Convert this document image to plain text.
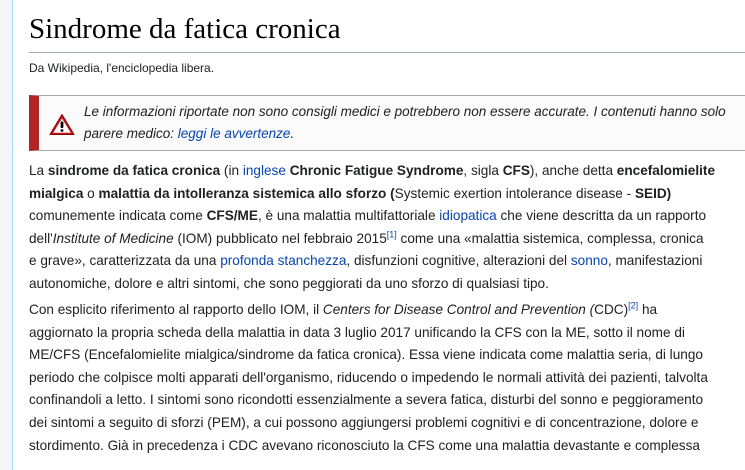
Sindrome da fatica cronica
Da Wikipedia, l'enciclopedia libera.
Le informazioni riportate non sono consigli medici e potrebbero non essere accurate. I contenuti hanno solo
parere medico: leggi le avvertenze.
La sindrome da fatica cronica (in inglese Chronic Fatigue Syndrome, sigla CFS), anche detta encefalomielite
mialgica o malattia da intolleranza sistemica allo sforzo (Systemic exertion intolerance disease - SEID)
comunemente indicata come CFS/ME, è una malattia multifattoriale idiopatica che viene descritta da un rapporto
dell'Institute of Medicine (IOM) pubblicato nel febbraio 2015[1] come una «malattia sistemica, complessa, cronica
e grave», caratterizzata da una profonda stanchezza, disfunzioni cognitive, alterazioni del sonno, manifestazioni
autonomiche, dolore e altri sintomi, che sono peggiorati da uno sforzo di qualsiasi tipo.
Con esplicito riferimento al rapporto dello IOM, il Centers for Disease Control and Prevention (CDC)[2] ha
aggiornato la propria scheda della malattia in data 3 luglio 2017 unificando la CFS con la ME, sotto il nome di
ME/CFS (Encefalomielite mialgica/sindrome da fatica cronica). Essa viene indicata come malattia seria, di lungo
periodo che colpisce molti apparati dell'organismo, riducendo o impedendo le normali attività dei pazienti, talvolta
confinandoli a letto. I sintomi sono ricondotti essenzialmente a severa fatica, disturbi del sonno e peggioramento
dei sintomi a seguito di sforzi (PEM), a cui possono aggiungersi problemi cognitivi e di concentrazione, dolore e
stordimento. Già in precedenza i CDC avevano riconosciuto la CFS come una malattia devastante e complessa
